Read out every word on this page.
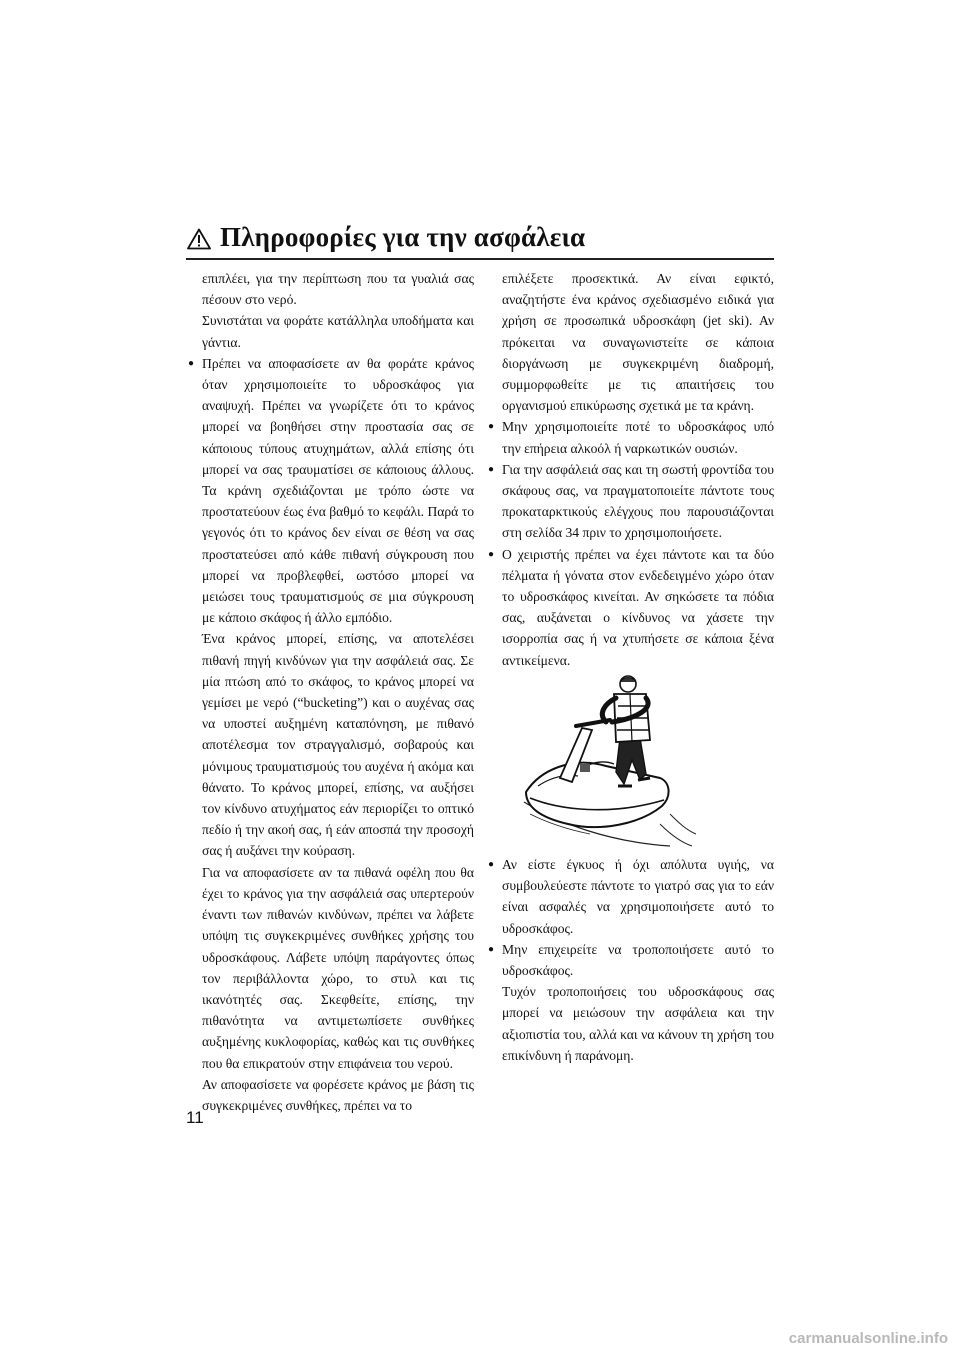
Πληροφορίες για την ασφάλεια

επιπλέει, για την περίπτωση που τα γυαλιά σας πέσουν στο νερό.

Συνιστάται να φοράτε κατάλληλα υποδήματα και γάντια.

● Πρέπει να αποφασίσετε αν θα φοράτε κράνος όταν χρησιμοποιείτε το υδροσκάφος για αναψυχή. Πρέπει να γνωρίζετε ότι το κράνος μπορεί να βοηθήσει στην προστασία σας σε κάποιους τύπους ατυχημάτων, αλλά επίσης ότι μπορεί να σας τραυματίσει σε κάποιους άλλους. Τα κράνη σχεδιάζονται με τρόπο ώστε να προστατεύουν έως ένα βαθμό το κεφάλι. Παρά το γεγονός ότι το κράνος δεν είναι σε θέση να σας προστατεύσει από κάθε πιθανή σύγκρουση που μπορεί να προβλεφθεί, ωστόσο μπορεί να μειώσει τους τραυματισμούς σε μια σύγκρουση με κάποιο σκάφος ή άλλο εμπόδιο.

Ένα κράνος μπορεί, επίσης, να αποτελέσει πιθανή πηγή κινδύνων για την ασφάλειά σας. Σε μία πτώση από το σκάφος, το κράνος μπορεί να γεμίσει με νερό (“bucketing”) και ο αυχένας σας να υποστεί αυξημένη καταπόνηση, με πιθανό αποτέλεσμα τον στραγγαλισμό, σοβαρούς και μόνιμους τραυματισμούς του αυχένα ή ακόμα και θάνατο. Το κράνος μπορεί, επίσης, να αυξήσει τον κίνδυνο ατυχήματος εάν περιορίζει το οπτικό πεδίο ή την ακοή σας, ή εάν αποσπά την προσοχή σας ή αυξάνει την κούραση.

Για να αποφασίσετε αν τα πιθανά οφέλη που θα έχει το κράνος για την ασφάλειά σας υπερτερούν έναντι των πιθανών κινδύνων, πρέπει να λάβετε υπόψη τις συγκεκριμένες συνθήκες χρήσης του υδροσκάφους. Λάβετε υπόψη παράγοντες όπως τον περιβάλλοντα χώρο, το στυλ και τις ικανότητές σας. Σκεφθείτε, επίσης, την πιθανότητα να αντιμετωπίσετε συνθήκες αυξημένης κυκλοφορίας, καθώς και τις συνθήκες που θα επικρατούν στην επιφάνεια του νερού.

Αν αποφασίσετε να φορέσετε κράνος με βάση τις συγκεκριμένες συνθήκες, πρέπει να το

επιλέξετε προσεκτικά. Αν είναι εφικτό, αναζητήστε ένα κράνος σχεδιασμένο ειδικά για χρήση σε προσωπικά υδροσκάφη (jet ski). Αν πρόκειται να συναγωνιστείτε σε κάποια διοργάνωση με συγκεκριμένη διαδρομή, συμμορφωθείτε με τις απαιτήσεις του οργανισμού επικύρωσης σχετικά με τα κράνη.

● Μην χρησιμοποιείτε ποτέ το υδροσκάφος υπό την επήρεια αλκοόλ ή ναρκωτικών ουσιών.

● Για την ασφάλειά σας και τη σωστή φροντίδα του σκάφους σας, να πραγματοποιείτε πάντοτε τους προκαταρκτικούς ελέγχους που παρουσιάζονται στη σελίδα 34 πριν το χρησιμοποιήσετε.

● Ο χειριστής πρέπει να έχει πάντοτε και τα δύο πέλματα ή γόνατα στον ενδεδειγμένο χώρο όταν το υδροσκάφος κινείται. Αν σηκώσετε τα πόδια σας, αυξάνεται ο κίνδυνος να χάσετε την ισορροπία σας ή να χτυπήσετε σε κάποια ξένα αντικείμενα.

● Αν είστε έγκυος ή όχι απόλυτα υγιής, να συμβουλεύεστε πάντοτε το γιατρό σας για το εάν είναι ασφαλές να χρησιμοποιήσετε αυτό το υδροσκάφος.

● Μην επιχειρείτε να τροποποιήσετε αυτό το υδροσκάφος.

Τυχόν τροποποιήσεις του υδροσκάφους σας μπορεί να μειώσουν την ασφάλεια και την αξιοπιστία του, αλλά και να κάνουν τη χρήση του επικίνδυνη ή παράνομη.

11
carmanualsonline.info
